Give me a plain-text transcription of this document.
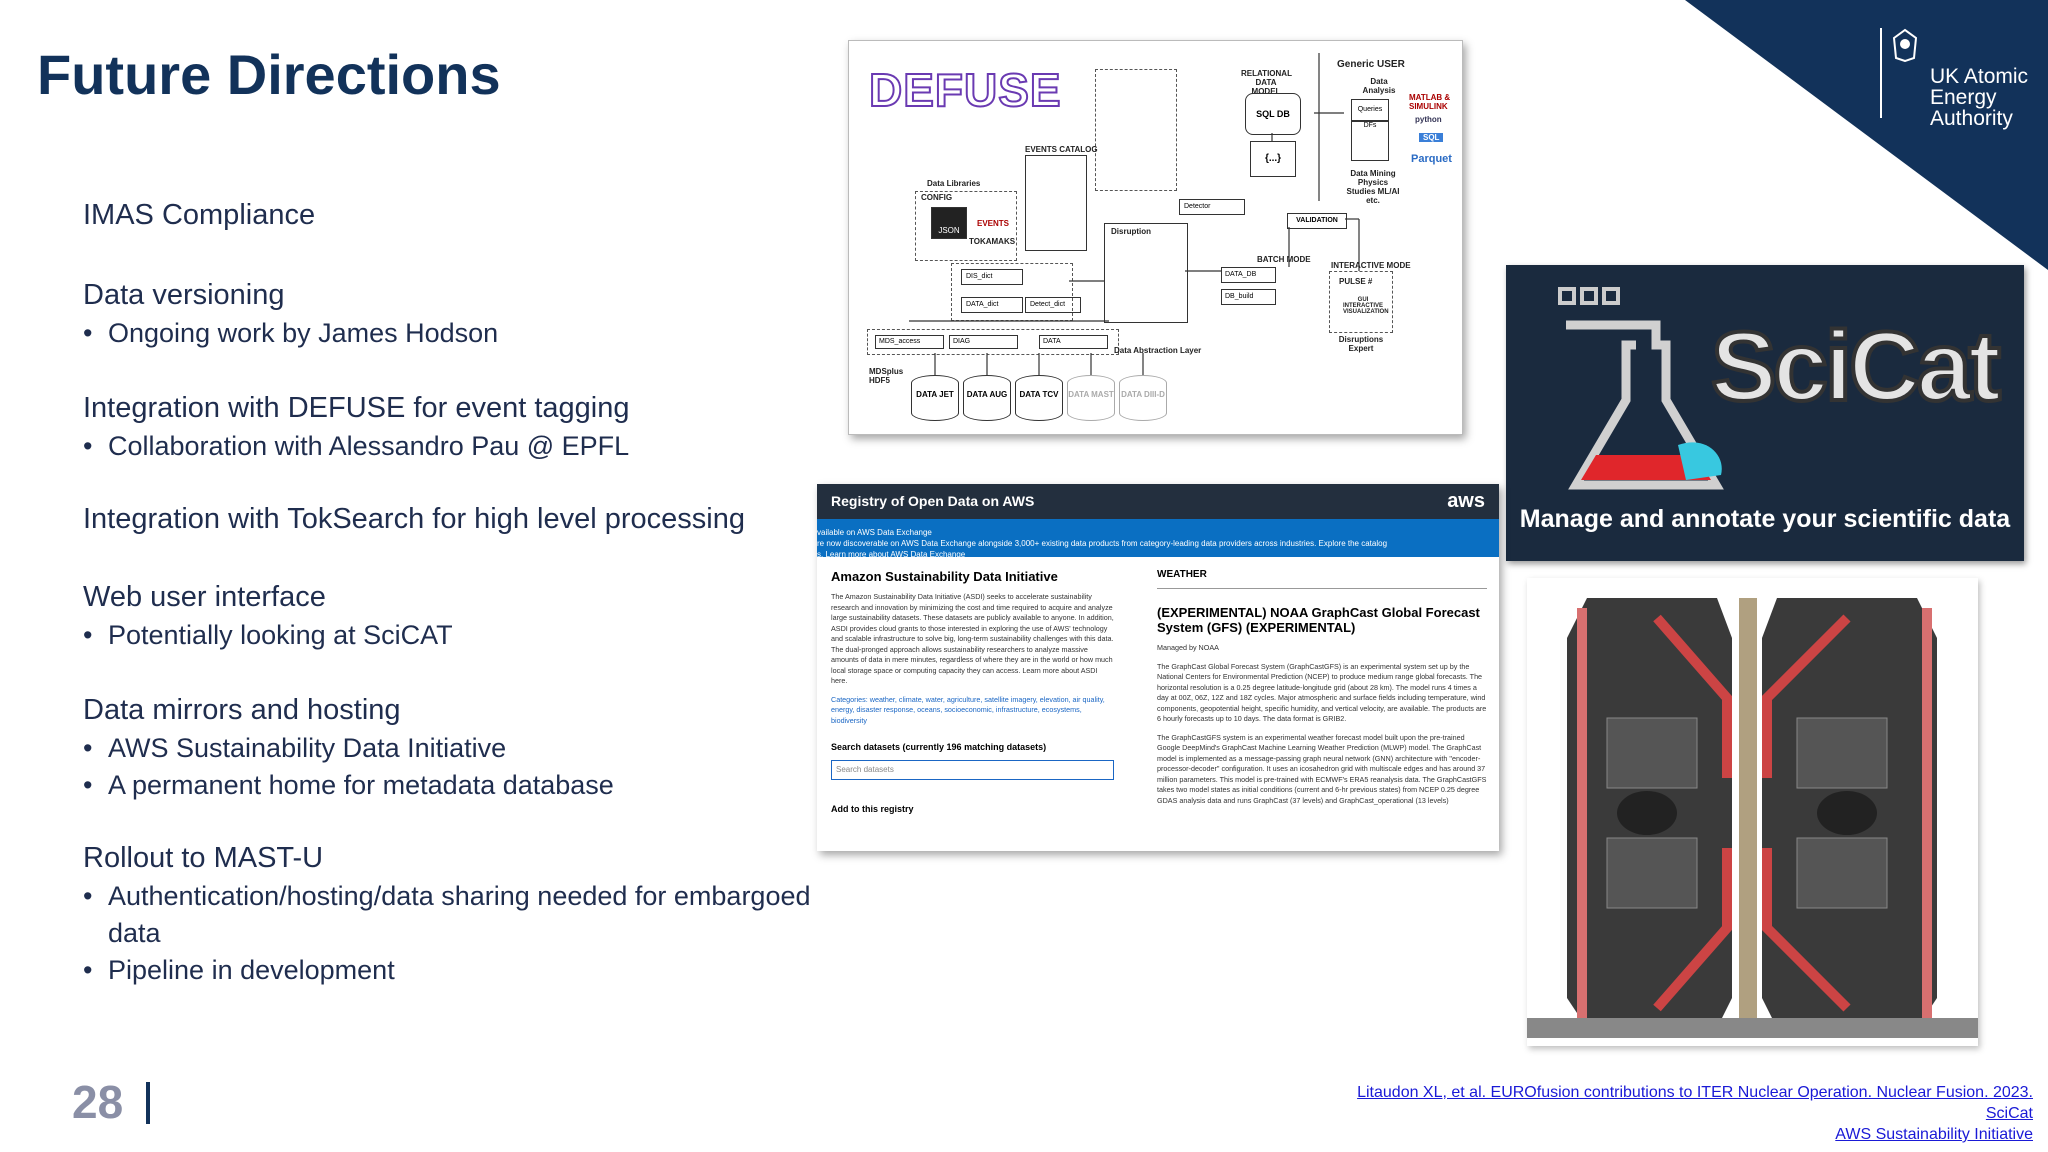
UK Atomic
Energy
Authority
Future Directions
IMAS Compliance
Data versioning
• Ongoing work by James Hodson
Integration with DEFUSE for event tagging
• Collaboration with Alessandro Pau @ EPFL
Integration with TokSearch for high level processing
Web user interface
• Potentially looking at SciCAT
Data mirrors and hosting
• AWS Sustainability Data Initiative
• A permanent home for metadata database
Rollout to MAST-U
• Authentication/hosting/data sharing needed for embargoed data
• Pipeline in development
DEFUSE	Generic USER
Data Analysis
RELATIONAL DATA MODEL
SQL DB	Queries
DFs
MATLAB & SIMULINK
python
SQL
Parquet
Data Mining Physics Studies ML/AI etc.
{...}
EVENTS CATALOG
Data Libraries
CONFIG
JSON
EVENTS
TOKAMAKS
Disruption
Detector
VALIDATION
BATCH MODE
DATA_DB
DB_build
INTERACTIVE MODE
PULSE #
GUI INTERACTIVE VISUALIZATION
Disruptions Expert
DIS_dict
DATA_dict	Detect_dict
MDS_access	DIAG	DATA
Data Abstraction Layer
MDSplus HDF5
DATA JET	DATA AUG	DATA TCV	DATA MAST DATA DIII-D	SciCat
Manage and annotate your scientific data
Registry of Open Data on AWS	aws
vailable on AWS Data Exchange
re now discoverable on AWS Data Exchange alongside 3,000+ existing data products from category-leading data providers across industries. Explore the catalog
s. Learn more about AWS Data Exchange
Amazon Sustainability Data Initiative

The Amazon Sustainability Data Initiative (ASDI) seeks to accelerate sustainability research and innovation by minimizing the cost and time required to acquire and analyze large sustainability datasets. These datasets are publicly available to anyone. In addition, ASDI provides cloud grants to those interested in exploring the use of AWS' technology and scalable infrastructure to solve big, long-term sustainability challenges with this data. The dual-pronged approach allows sustainability researchers to analyze massive amounts of data in mere minutes, regardless of where they are in the world or how much local storage space or computing capacity they can access. Learn more about ASDI here.

Categories: weather, climate, water, agriculture, satellite imagery, elevation, air quality, energy, disaster response, oceans, socioeconomic, infrastructure, ecosystems, biodiversity

Search datasets (currently 196 matching datasets)
Search datasets
Add to this registry
WEATHER
(EXPERIMENTAL) NOAA GraphCast Global Forecast System (GFS) (EXPERIMENTAL)

Managed by NOAA

The GraphCast Global Forecast System (GraphCastGFS) is an experimental system set up by the National Centers for Environmental Prediction (NCEP) to produce medium range global forecasts. The horizontal resolution is a 0.25 degree latitude-longitude grid (about 28 km). The model runs 4 times a day at 00Z, 06Z, 12Z and 18Z cycles. Major atmospheric and surface fields including temperature, wind components, geopotential height, specific humidity, and vertical velocity, are available. The products are 6 hourly forecasts up to 10 days. The data format is GRIB2.

The GraphCastGFS system is an experimental weather forecast model built upon the pre-trained Google DeepMind's GraphCast Machine Learning Weather Prediction (MLWP) model. The GraphCast model is implemented as a message-passing graph neural network (GNN) architecture with "encoder-processor-decoder" configuration. It uses an icosahedron grid with multiscale edges and has around 37 million parameters. This model is pre-trained with ECMWF's ERA5 reanalysis data. The GraphCastGFS takes two model states as initial conditions (current and 6-hr previous states) from NCEP 0.25 degree GDAS analysis data and runs GraphCast (37 levels) and GraphCast_operational (13 levels)

28	Litaudon XL, et al. EUROfusion contributions to ITER Nuclear Operation. Nuclear Fusion. 2023.
SciCat
AWS Sustainability Initiative
